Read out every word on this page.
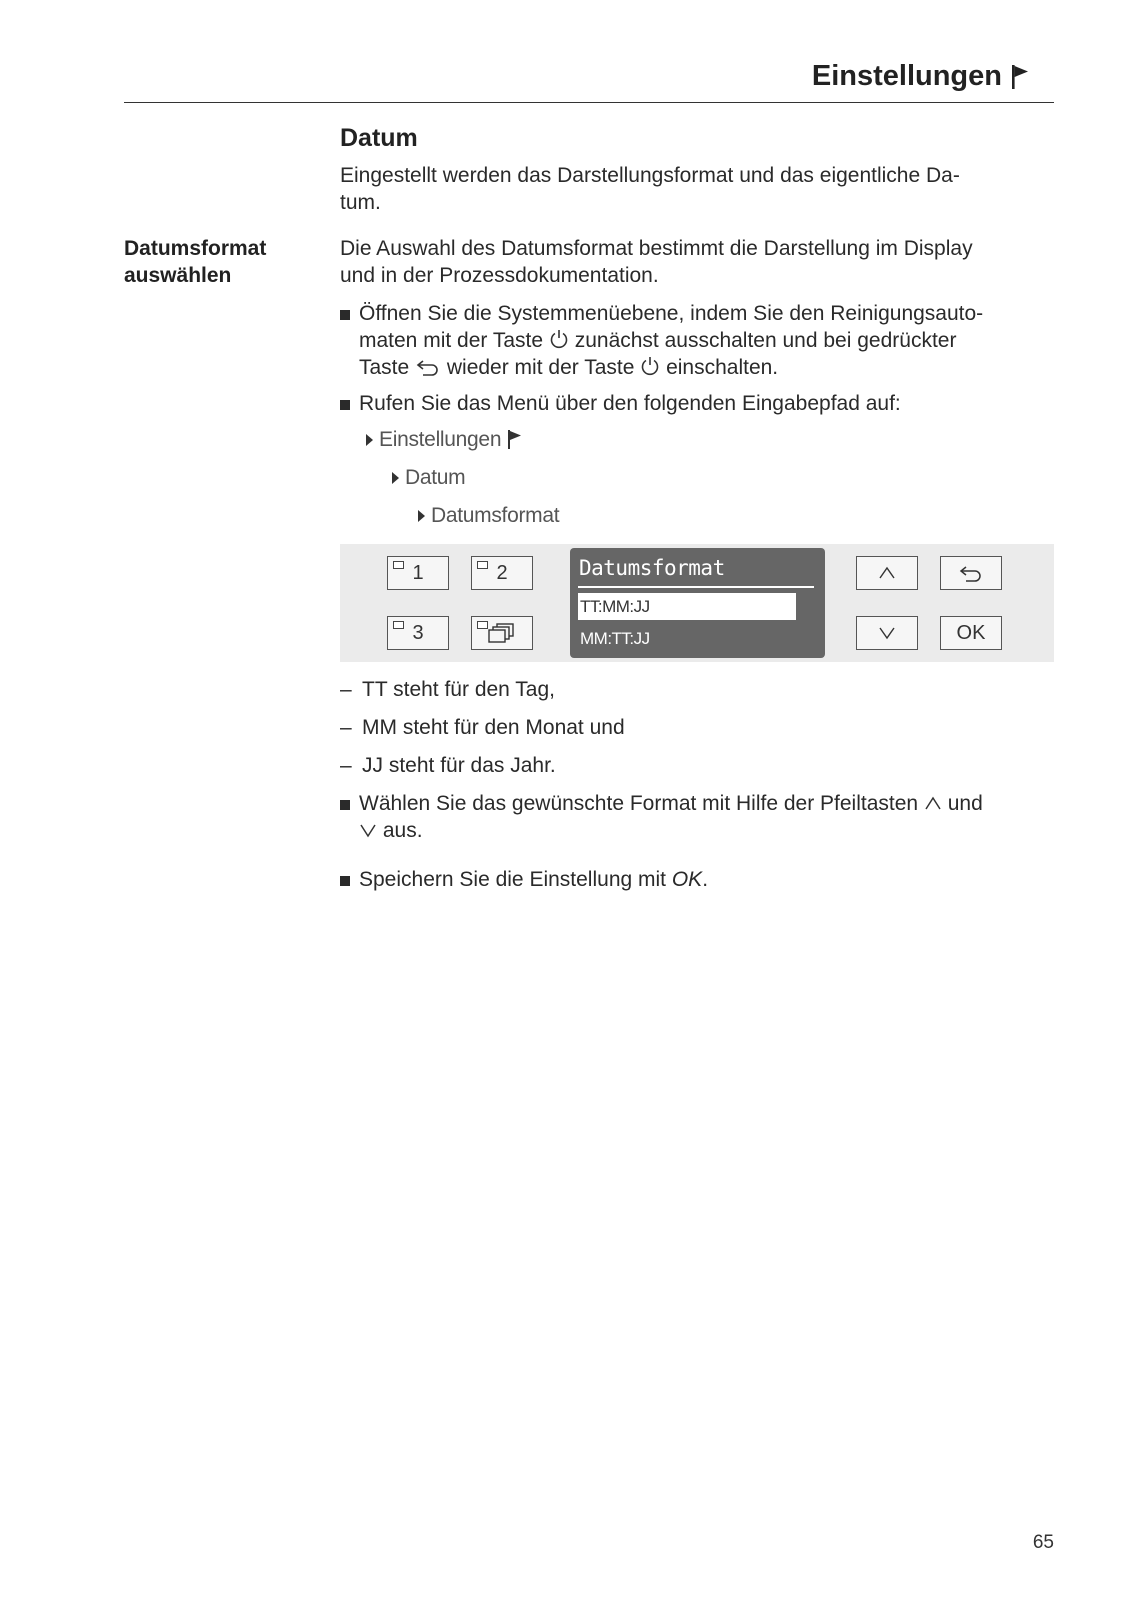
Einstellungen
Datum
Eingestellt werden das Darstellungsformat und das eigentliche Da-
tum.
Datumsformat
auswählen
Die Auswahl des Datumsformat bestimmt die Darstellung im Display
und in der Prozessdokumentation.
Öffnen Sie die Systemmenüebene, indem Sie den Reinigungsauto-
maten mit der Taste
zunächst ausschalten und bei gedrückter
Taste
wieder mit der Taste
einschalten.
Rufen Sie das Menü über den folgenden Eingabepfad auf:
Einstellungen
Datum
Datumsformat
1	2
3
Datumsformat
TT:MM:JJ
MM:TT:JJ	OK
– TT steht für den Tag,
– MM steht für den Monat und
– JJ steht für das Jahr.
Wählen Sie das gewünschte Format mit Hilfe der Pfeiltasten
und

aus.
Speichern Sie die Einstellung mit OK.
65
